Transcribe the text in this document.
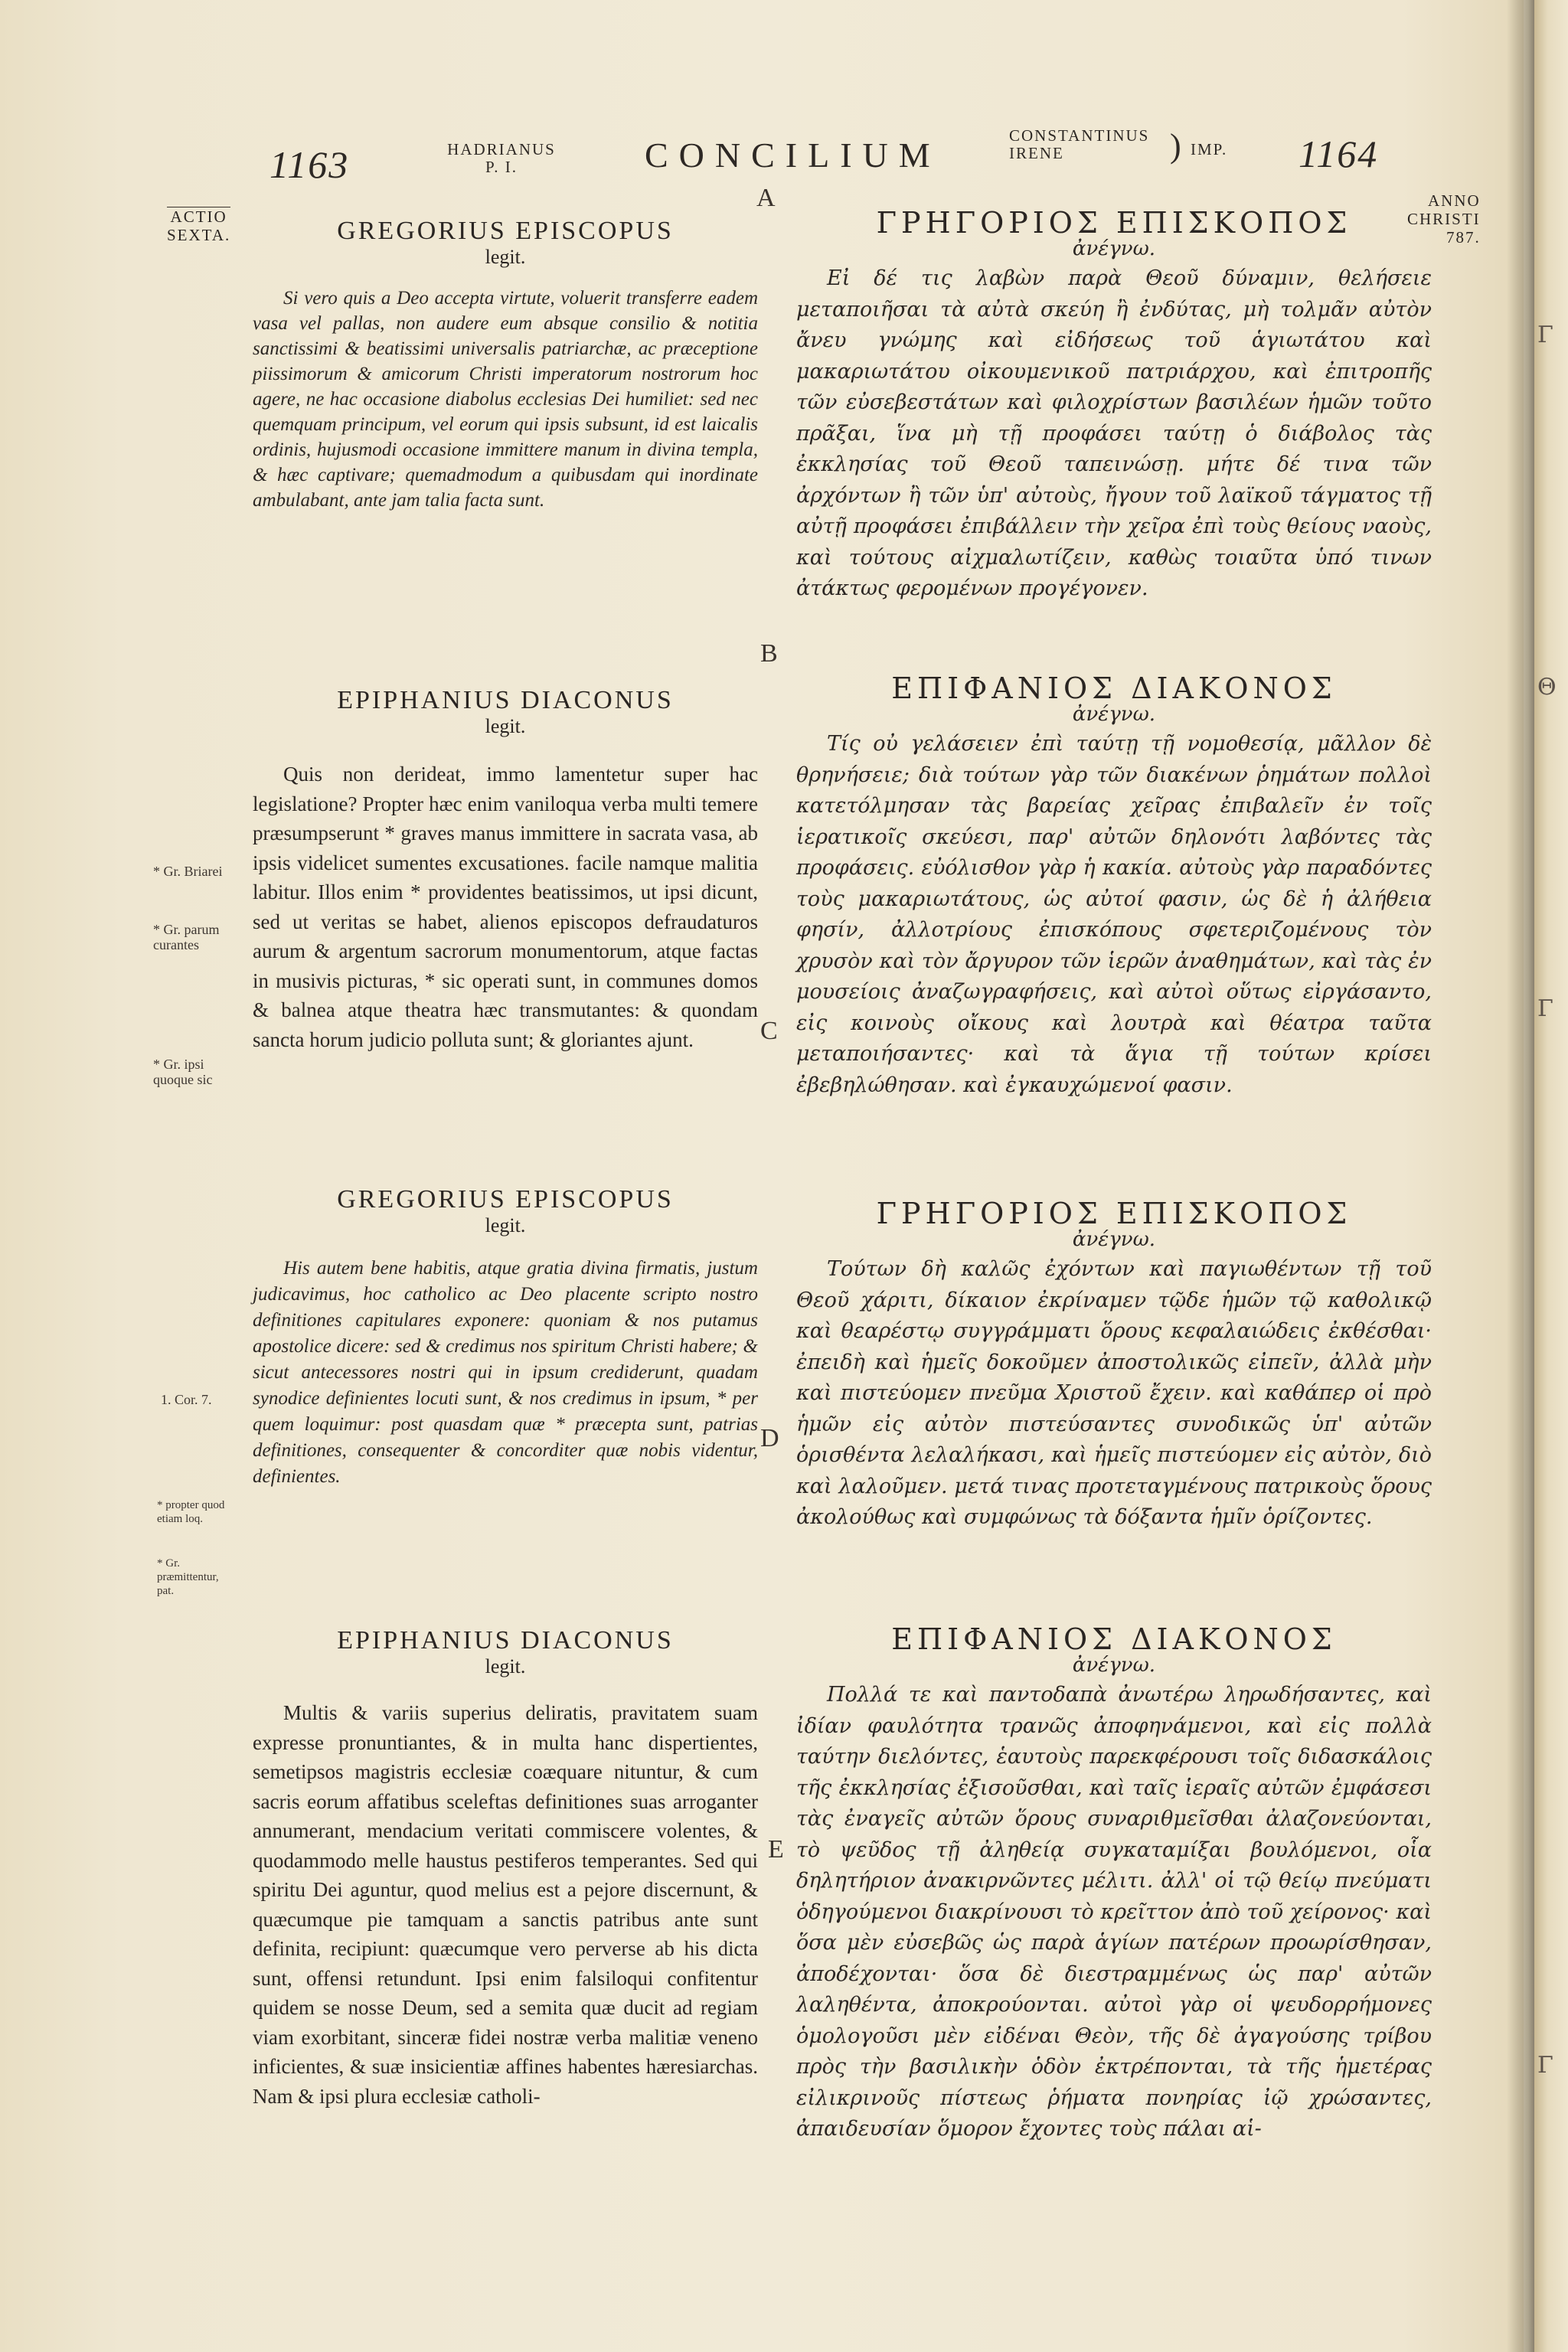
1163	HADRIANUS
P. I.	CONCILIUM	CONSTANTINUS
IRENE	) IMP. 1164
ACTIO
SEXTA.
ANNO
CHRISTI
787.
A
B
C
D
E
* Gr. Briarei
* Gr. parum curantes
* Gr. ipsi quoque sic
1. Cor. 7.
* propter quod etiam loq.
* Gr. præmittentur, pat.
GREGORIUS EPISCOPUS
legit.
Si vero quis a Deo accepta virtute, voluerit transferre eadem vasa vel pallas, non audere eum absque consilio & notitia sanctissimi & beatissimi universalis patriarchæ, ac præceptione piissimorum & amicorum Christi imperatorum nostrorum hoc agere, ne hac occasione diabolus ecclesias Dei humiliet: sed nec quemquam principum, vel eorum qui ipsis subsunt, id est laicalis ordinis, hujusmodi occasione immittere manum in divina templa, & hæc captivare; quemadmodum a quibusdam qui inordinate ambulabant, ante jam talia facta sunt.
EPIPHANIUS DIACONUS
legit.
Quis non derideat, immo lamentetur super hac legislatione? Propter hæc enim vaniloqua verba multi temere præsumpserunt * graves manus immittere in sacrata vasa, ab ipsis videlicet sumentes excusationes. facile namque malitia labitur. Illos enim * providentes beatissimos, ut ipsi dicunt, sed ut veritas se habet, alienos episcopos defraudaturos aurum & argentum sacrorum monumentorum, atque factas in musivis picturas, * sic operati sunt, in communes domos & balnea atque theatra hæc transmutantes: & quondam sancta horum judicio polluta sunt; & gloriantes ajunt.
GREGORIUS EPISCOPUS
legit.
His autem bene habitis, atque gratia divina firmatis, justum judicavimus, hoc catholico ac Deo placente scripto nostro definitiones capitulares exponere: quoniam & nos putamus apostolice dicere: sed & credimus nos spiritum Christi habere; & sicut antecessores nostri qui in ipsum crediderunt, quadam synodice definientes locuti sunt, & nos credimus in ipsum, * per quem loquimur: post quasdam quæ * præcepta sunt, patrias definitiones, consequenter & concorditer quæ nobis videntur, definientes.
EPIPHANIUS DIACONUS
legit.
Multis & variis superius deliratis, pravitatem suam expresse pronuntiantes, & in multa hanc dispertientes, semetipsos magistris ecclesiæ coæquare nituntur, & cum sacris eorum affatibus sceleftas definitiones suas arroganter annumerant, mendacium veritati commiscere volentes, & quodammodo melle haustus pestiferos temperantes. Sed qui spiritu Dei aguntur, quod melius est a pejore discernunt, & quæcumque pie tamquam a sanctis patribus ante sunt definita, recipiunt: quæcumque vero perverse ab his dicta sunt, offensi retundunt. Ipsi enim falsiloqui confitentur quidem se nosse Deum, sed a semita quæ ducit ad regiam viam exorbitant, sinceræ fidei nostræ verba malitiæ veneno inficientes, & suæ insicientiæ affines habentes hæresiarchas. Nam & ipsi plura ecclesiæ catholi-
ΓΡΗΓΟΡΙΟΣ ΕΠΙΣΚΟΠΟΣ
ἀνέγνω.
Εἰ δέ τις λαβὼν παρὰ Θεοῦ δύναμιν, θελήσειε μεταποιῆσαι τὰ αὐτὰ σκεύη ἢ ἐνδύτας, μὴ τολμᾶν αὐτὸν ἄνευ γνώμης καὶ εἰδήσεως τοῦ ἁγιωτάτου καὶ μακαριωτάτου οἰκουμενικοῦ πατριάρχου, καὶ ἐπιτροπῆς τῶν εὐσεβεστάτων καὶ φιλοχρίστων βασιλέων ἡμῶν τοῦτο πρᾶξαι, ἵνα μὴ τῇ προφάσει ταύτῃ ὁ διάβολος τὰς ἐκκλησίας τοῦ Θεοῦ ταπεινώσῃ. μήτε δέ τινα τῶν ἀρχόντων ἢ τῶν ὑπ' αὐτοὺς, ἤγουν τοῦ λαϊκοῦ τάγματος τῇ αὐτῇ προφάσει ἐπιβάλλειν τὴν χεῖρα ἐπὶ τοὺς θείους ναοὺς, καὶ τούτους αἰχμαλωτίζειν, καθὼς τοιαῦτα ὑπό τινων ἀτάκτως φερομένων προγέγονεν.
ΕΠΙΦΑΝΙΟΣ ΔΙΑΚΟΝΟΣ
ἀνέγνω.
Τίς οὐ γελάσειεν ἐπὶ ταύτῃ τῇ νομοθεσίᾳ, μᾶλλον δὲ θρηνήσειε; διὰ τούτων γὰρ τῶν διακένων ῥημάτων πολλοὶ κατετόλμησαν τὰς βαρείας χεῖρας ἐπιβαλεῖν ἐν τοῖς ἱερατικοῖς σκεύεσι, παρ' αὐτῶν δηλονότι λαβόντες τὰς προφάσεις. εὐόλισθον γὰρ ἡ κακία. αὐτοὺς γὰρ παραδόντες τοὺς μακαριωτάτους, ὡς αὐτοί φασιν, ὡς δὲ ἡ ἀλήθεια φησίν, ἀλλοτρίους ἐπισκόπους σφετεριζομένους τὸν χρυσὸν καὶ τὸν ἄργυρον τῶν ἱερῶν ἀναθημάτων, καὶ τὰς ἐν μουσείοις ἀναζωγραφήσεις, καὶ αὐτοὶ οὕτως εἰργάσαντο, εἰς κοινοὺς οἴκους καὶ λουτρὰ καὶ θέατρα ταῦτα μεταποιήσαντες· καὶ τὰ ἅγια τῇ τούτων κρίσει ἐβεβηλώθησαν. καὶ ἐγκαυχώμενοί φασιν.
ΓΡΗΓΟΡΙΟΣ ΕΠΙΣΚΟΠΟΣ
ἀνέγνω.
Τούτων δὴ καλῶς ἐχόντων καὶ παγιωθέντων τῇ τοῦ Θεοῦ χάριτι, δίκαιον ἐκρίναμεν τῷδε ἡμῶν τῷ καθολικῷ καὶ θεαρέστῳ συγγράμματι ὅρους κεφαλαιώδεις ἐκθέσθαι· ἐπειδὴ καὶ ἡμεῖς δοκοῦμεν ἀποστολικῶς εἰπεῖν, ἀλλὰ μὴν καὶ πιστεύομεν πνεῦμα Χριστοῦ ἔχειν. καὶ καθάπερ οἱ πρὸ ἡμῶν εἰς αὐτὸν πιστεύσαντες συνοδικῶς ὑπ' αὐτῶν ὁρισθέντα λελαλήκασι, καὶ ἡμεῖς πιστεύομεν εἰς αὐτὸν, διὸ καὶ λαλοῦμεν. μετά τινας προτεταγμένους πατρικοὺς ὅρους ἀκολούθως καὶ συμφώνως τὰ δόξαντα ἡμῖν ὁρίζοντες.
ΕΠΙΦΑΝΙΟΣ ΔΙΑΚΟΝΟΣ
ἀνέγνω.
Πολλά τε καὶ παντοδαπὰ ἀνωτέρω ληρωδήσαντες, καὶ ἰδίαν φαυλότητα τρανῶς ἀποφηνάμενοι, καὶ εἰς πολλὰ ταύτην διελόντες, ἑαυτοὺς παρεκφέρουσι τοῖς διδασκάλοις τῆς ἐκκλησίας ἐξισοῦσθαι, καὶ ταῖς ἱεραῖς αὐτῶν ἐμφάσεσι τὰς ἐναγεῖς αὐτῶν ὅρους συναριθμεῖσθαι ἀλαζονεύονται, τὸ ψεῦδος τῇ ἀληθείᾳ συγκαταμίξαι βουλόμενοι, οἷα δηλητήριον ἀνακιρνῶντες μέλιτι. ἀλλ' οἱ τῷ θείῳ πνεύματι ὁδηγούμενοι διακρίνουσι τὸ κρεῖττον ἀπὸ τοῦ χείρονος· καὶ ὅσα μὲν εὐσεβῶς ὡς παρὰ ἁγίων πατέρων προωρίσθησαν, ἀποδέχονται· ὅσα δὲ διεστραμμένως ὡς παρ' αὐτῶν λαληθέντα, ἀποκρούονται. αὐτοὶ γὰρ οἱ ψευδορρήμονες ὁμολογοῦσι μὲν εἰδέναι Θεὸν, τῆς δὲ ἀγαγούσης τρίβου πρὸς τὴν βασιλικὴν ὁδὸν ἐκτρέπονται, τὰ τῆς ἡμετέρας εἰλικρινοῦς πίστεως ῥήματα πονηρίας ἰῷ χρώσαντες, ἀπαιδευσίαν ὅμορον ἔχοντες τοὺς πάλαι αἱ-
Γ
Θ
Γ
Γ
